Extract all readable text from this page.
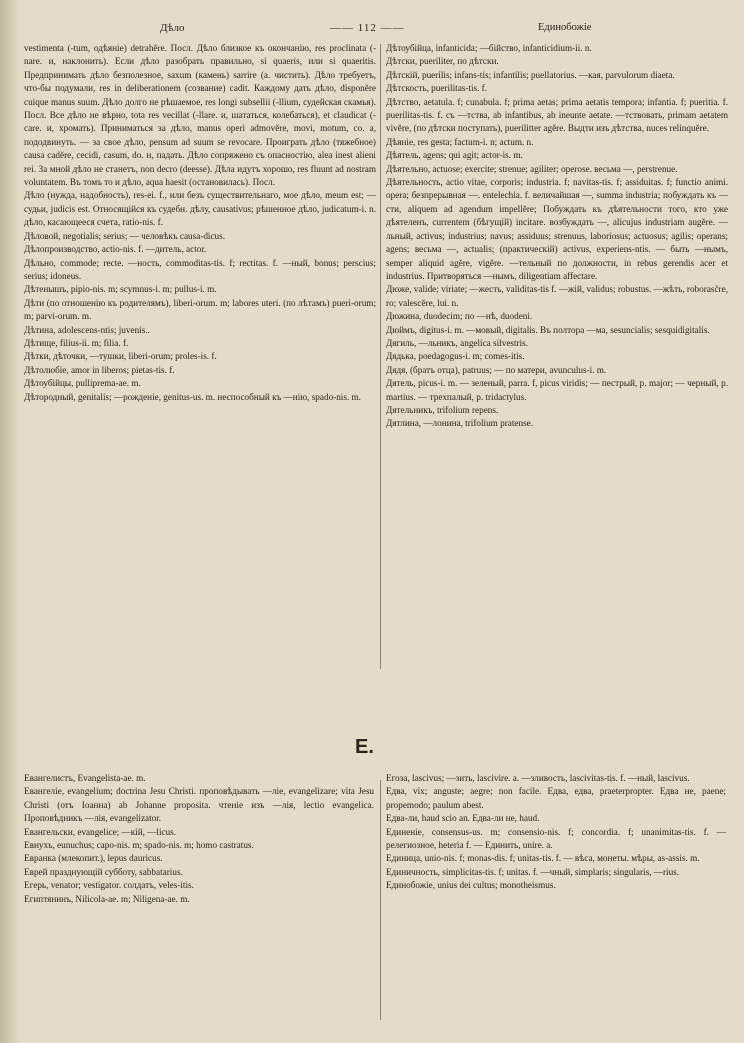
Дѣло	—— 112 ——	Единобожіе

vestimenta (-tum, одѣяніе) detrahĕre. Посл. Дѣло близкое къ окончанію, res proclinata (-nare. и, наклонить). Если дѣло разобрать правильно, si quaeris, или si quaeritis. Предпринимать дѣло безполезное, saxum (камень) sarrire (а. чистить). Дѣло требуетъ, что-бы подумали, res in deliberationem (созвание) cadit. Каждому дать дѣло, disponĕre cuique manus suum. Дѣло долго не рѣшаемое, res longi subsellii (-llium, судейская скамья). Посл. Все дѣло не вѣрно, tota res vecillat (-llare. и, шататься, колебаться), et claudicat (-care. и, хромать). Приниматься за дѣло, manus operi admovĕre, movi, motum, co. a, пододвинуть. — за свое дѣло, pensum ad suum se revocare. Проиграть дѣло (тяжебное) causa cadĕre, cecidi, casum, do. н, падать. Дѣло сопряжено съ опасностію, alea inest alieni rei. За мной дѣло не станетъ, non decro (deesse). Дѣла идутъ хорошо, res fluunt ad nostram voluntatem. Въ томъ то и дѣло, aqua haesit (остановилась). Посл.

Дѣло (нужда, надобность), res-ei. f., или безъ существительнаго, мое дѣло, meum est; — судьи, judicis est. Относящійся къ судебн. дѣлу, causativus; рѣшенное дѣло, judicatum-i. n. дѣло, касающееся счета, ratio-nis. f.

Дѣловой, negotialis; serius; — человѣкъ causa-dicus.

Дѣлопроизводство, actio-nis. f. —дитель, actor.

Дѣльно, commode; recte. —ность, commoditas-tis. f; rectitas. f. —ный, bonus; perscius; serius; idoneus.

Дѣтенышъ, pipio-nis. m; scymnus-i. m; pullus-i. m.

Дѣти (по отношенію къ родителямъ), liberi-orum. m; labores uteri. (по лѣтамъ) pueri-orum; m; parvi-orum. m.

Дѣтина, adolescens-ntis; juvenis..

Дѣтище, filius-ii. m; filia. f.

Дѣтки, дѣточки, —тушки, liberi-orum; proles-is. f.

Дѣтолюбіе, amor in liberos; pietas-tis. f.

Дѣтоубійцы, pulliprema-ae. m.

Дѣтородный, genitalis; —рожденіе, genitus-us. m. неспособный къ —нію, spado-nis. m.

Дѣтоубійца, infanticida; —бійство, infanticidium-ii. n.

Дѣтски, pueriliter, по дѣтски.

Дѣтскій, puerilis; infans-tis; infantilis; puellatorius. —кая, parvulorum diaeta.

Дѣтскость, puerilitas-tis. f.

Дѣтство, aetatula. f; cunabula. f; prima aetas; prima aetatis tempora; infantia. f; pueritia. f. puerilitas-tis. f. съ —тства, ab infantibus, ab ineunte aetate. —тствовать, primam aetatem vivĕre, (по дѣтски поступать), puerilitter agĕre. Выдти изъ дѣтства, nuces relinquĕre.

Дѣяніе, res gesta; factum-i. n; actum. n.

Дѣятель, agens; qui agit; actor-is. m.

Дѣятельно, actuose; exercite; strenue; agiliter; operose. весьма —, perstrenue.

Дѣятельность, actio vitae, corporis; industria. f; navitas-tis. f; assiduitas. f; functio animi. opera; безпрерывная —. entelechia. f. величайшая —, summa industria; побуждать къ —сти, aliquem ad agendum impellĕre; Побуждать къ дѣятельности того, кто уже дѣятеленъ, currentem (бѣгущій) incitare. возбуждать —, alicujus industriam augĕre. —льный, activus; industrius; navus; assiduus; strenuus, laboriosus; actuosus; agilis; operans; agens; весьма —, actualis; (практическій) activus, experiens-ntis. — быть —нымъ, semper aliquid agĕre, vigĕre. —тельный по должности, in rebus gerendis acer et industrius. Притворяться —нымъ, diligentiam affectare.

Дюже, valide; viriate; —жесть, validitas-tis f. —жій, validus; robustus. —жѣть, roborasc̆re, ro; valescĕre, lui. n.

Дюжина, duodecim; по —нѣ, duodeni.

Дюймъ, digitus-i. m. —мовый, digitalis. Въ полтора —ма, sesuncialis; sesquidigitalis.

Дягиль, —льникъ, angelica silvestris.

Дядька, poedagogus-i. m; comes-itis.

Дядя, (братъ отца), patruus; — по матери, avunculus-i. m.

Дятель, picus-i. m. — зеленый, parra. f, picus viridis; — пестрый, p. major; — черный, p. martius. — трехпалый, p. tridactylus.

Дятельникъ, trifolium repens.

Дятлина, —лонина, trifolium pratense.

Е.

Евангелистъ, Evangelista-ae. m.

Евангеліе, evangelium; doctrina Jesu Christi. проповѣдывать —ліе, evangelizare; vita Jesu Christi (отъ Іоанна) ab Johanne proposita. чтеніе изъ —лія, lectio evangelica. Проповѣдникъ —лія, evangelizator.

Евангельски, evangelice; —кій, —licus.

Евнухъ, eunuchus; capo-nis. m; spado-nis. m; homo castratus.

Евранка (млекопит.), lepus dauricus.

Еврей празднующій субботу, sabbatarius.

Егерь, venator; vestigator. солдатъ, veles-itis.

Египтянинъ, Nilicola-ae. m; Niligena-ae. m.

Егоза, lascivus; —зить, lascivire. a. —зливость, lascivitas-tis. f. —ный, lascivus.

Едва, vix; anguste; aegre; non facile. Едва, едва, praeterpropter. Едва не, paene; propemodo; paulum abest.

Едва-ли, haud scio an. Едва-ли не, haud.

Единеніе, consensus-us. m; consensio-nis. f; concordia. f; unanimitas-tis. f. —релегиозное, heteria f. — Единить, unire. a.

Единица, unio-nis. f; monas-dis. f; unitas-tis. f. — вѣса, монеты. мѣры, as-assis. m.

Единичность, simplicitas-tis. f; unitas. f. —чный, simplaris; singularis, —rius.

Единобожіе, unius dei cultus; monotheismus.
